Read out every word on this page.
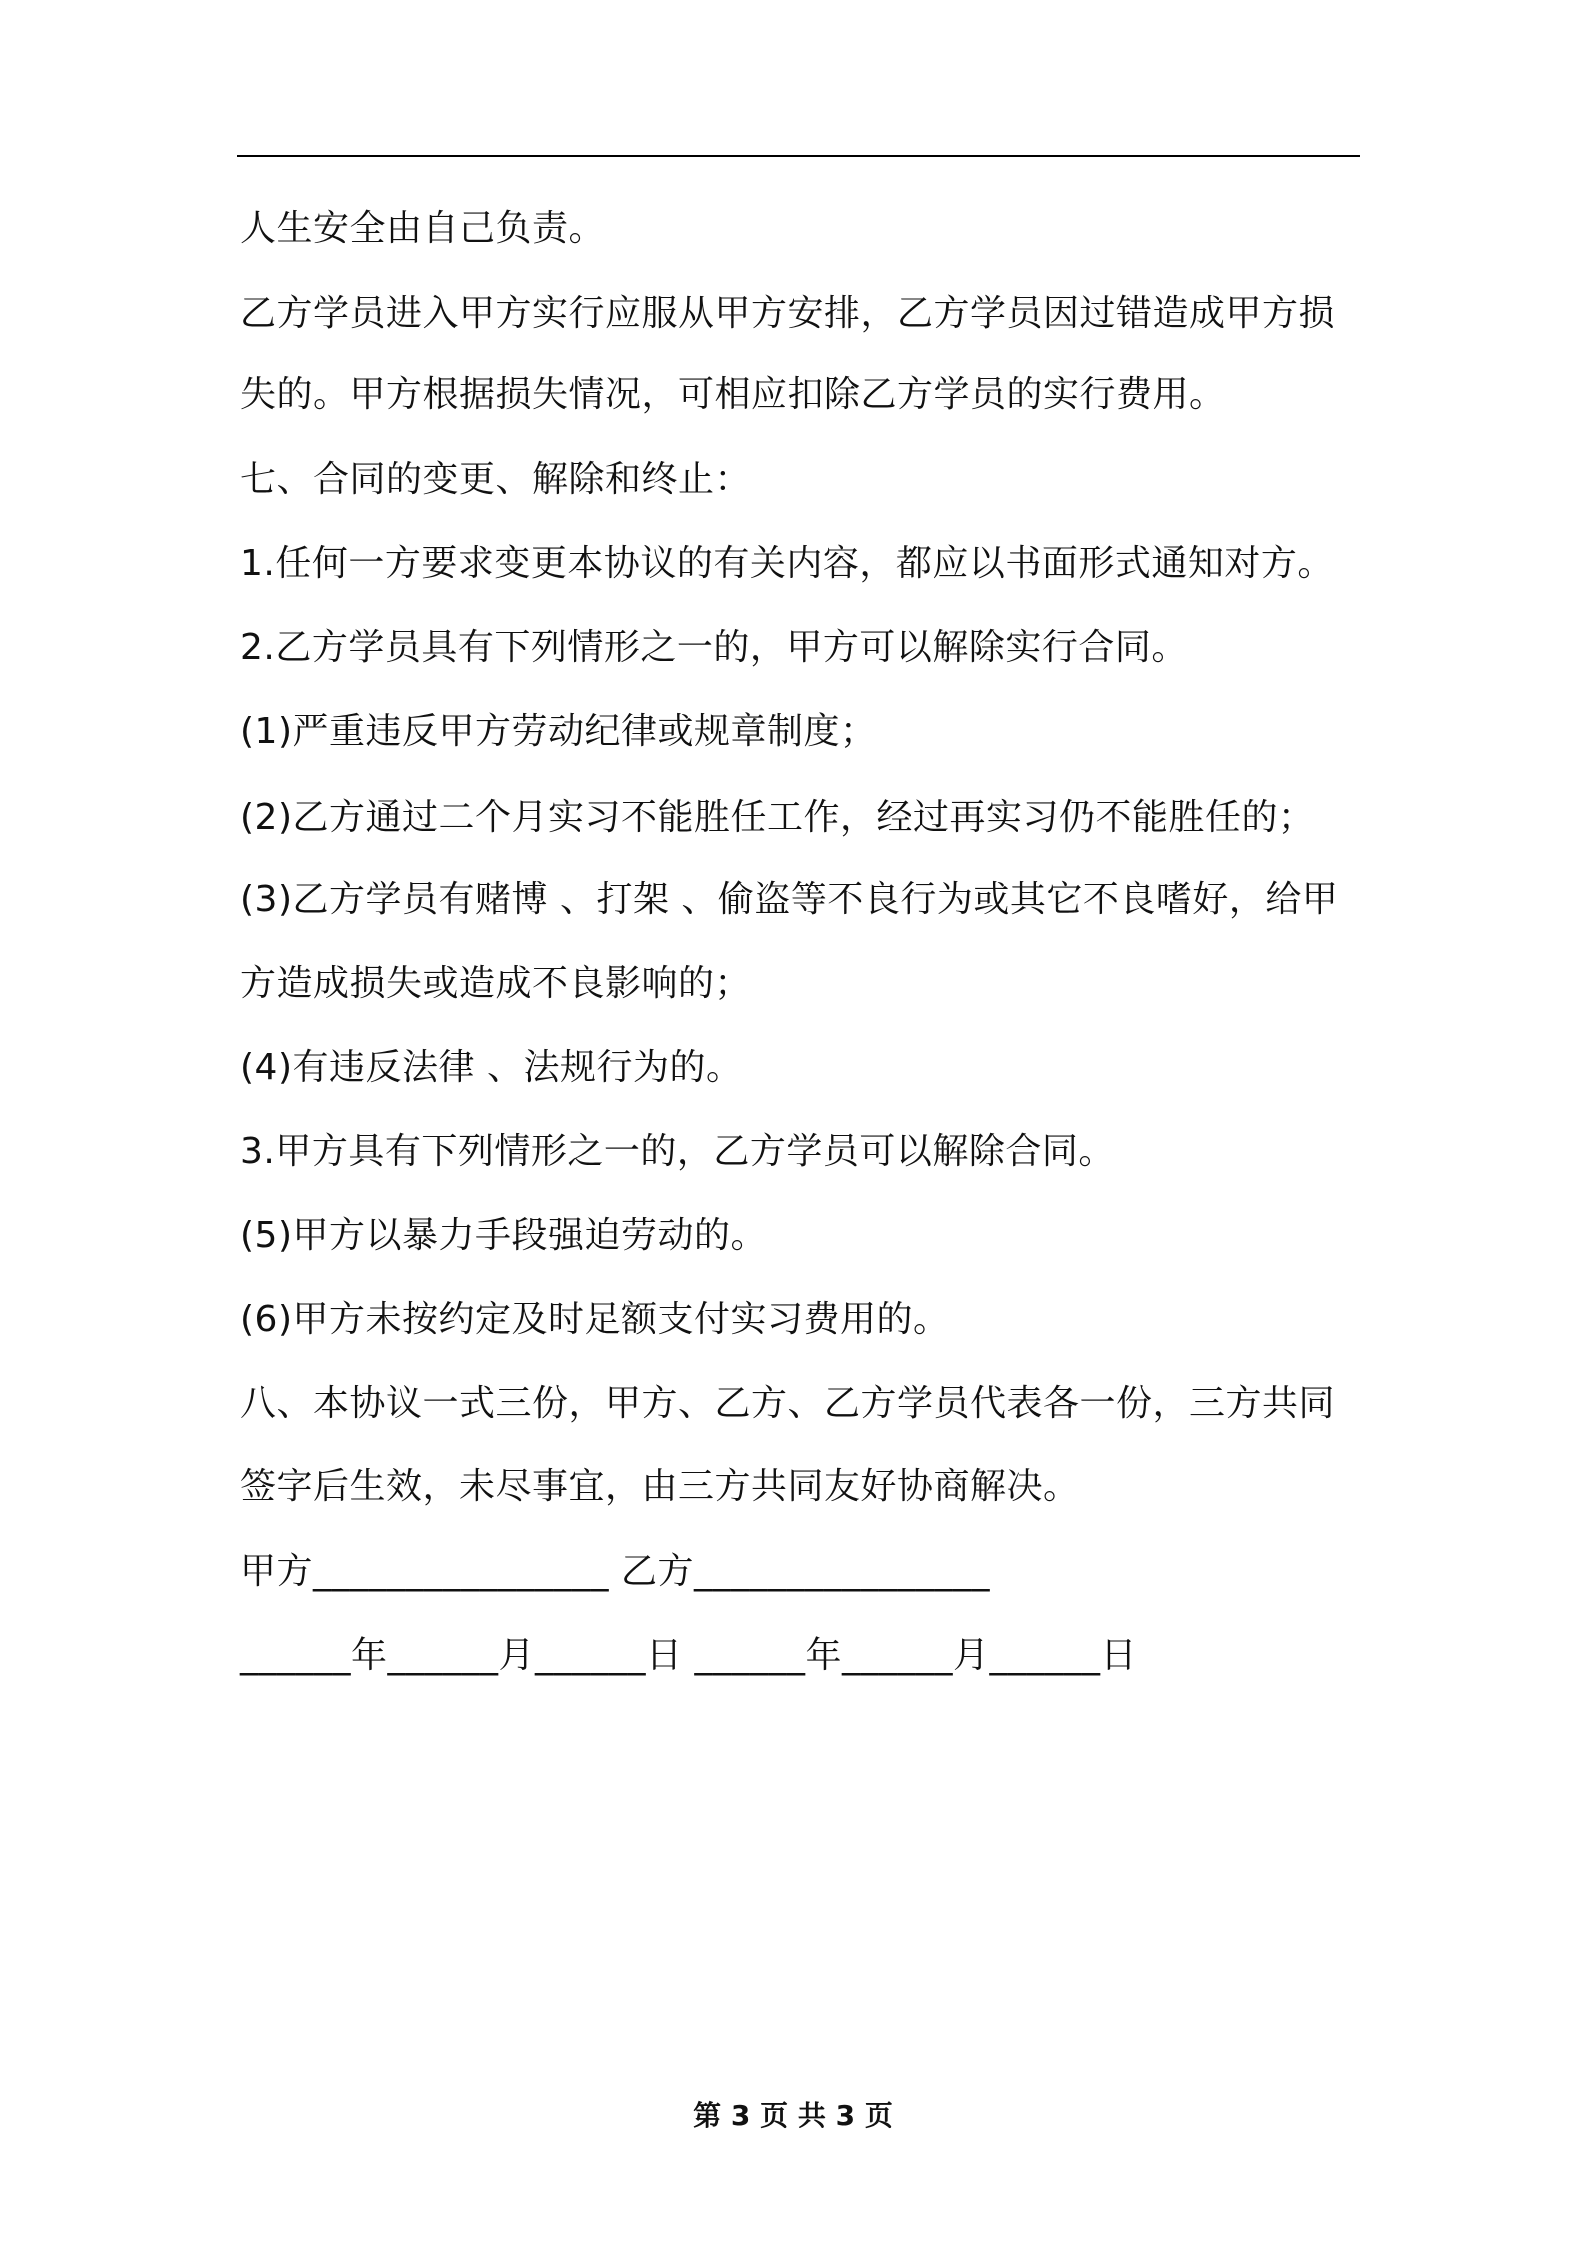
人生安全由自己负责。
乙方学员进入甲方实行应服从甲方安排，乙方学员因过错造成甲方损
失的。甲方根据损失情况，可相应扣除乙方学员的实行费用。
七、合同的变更、解除和终止：
1.任何一方要求变更本协议的有关内容，都应以书面形式通知对方。
2.乙方学员具有下列情形之一的，甲方可以解除实行合同。
(1)严重违反甲方劳动纪律或规章制度；
(2)乙方通过二个月实习不能胜任工作，经过再实习仍不能胜任的；
(3)乙方学员有赌博 、打架 、偷盗等不良行为或其它不良嗜好，给甲
方造成损失或造成不良影响的；
(4)有违反法律 、法规行为的。
3.甲方具有下列情形之一的，乙方学员可以解除合同。
(5)甲方以暴力手段强迫劳动的。
(6)甲方未按约定及时足额支付实习费用的。
八、本协议一式三份，甲方、乙方、乙方学员代表各一份，三方共同
签字后生效，未尽事宜，由三方共同友好协商解决。
甲方________________ 乙方________________
______年______月______日 ______年______月______日
第 3 页 共 3 页
